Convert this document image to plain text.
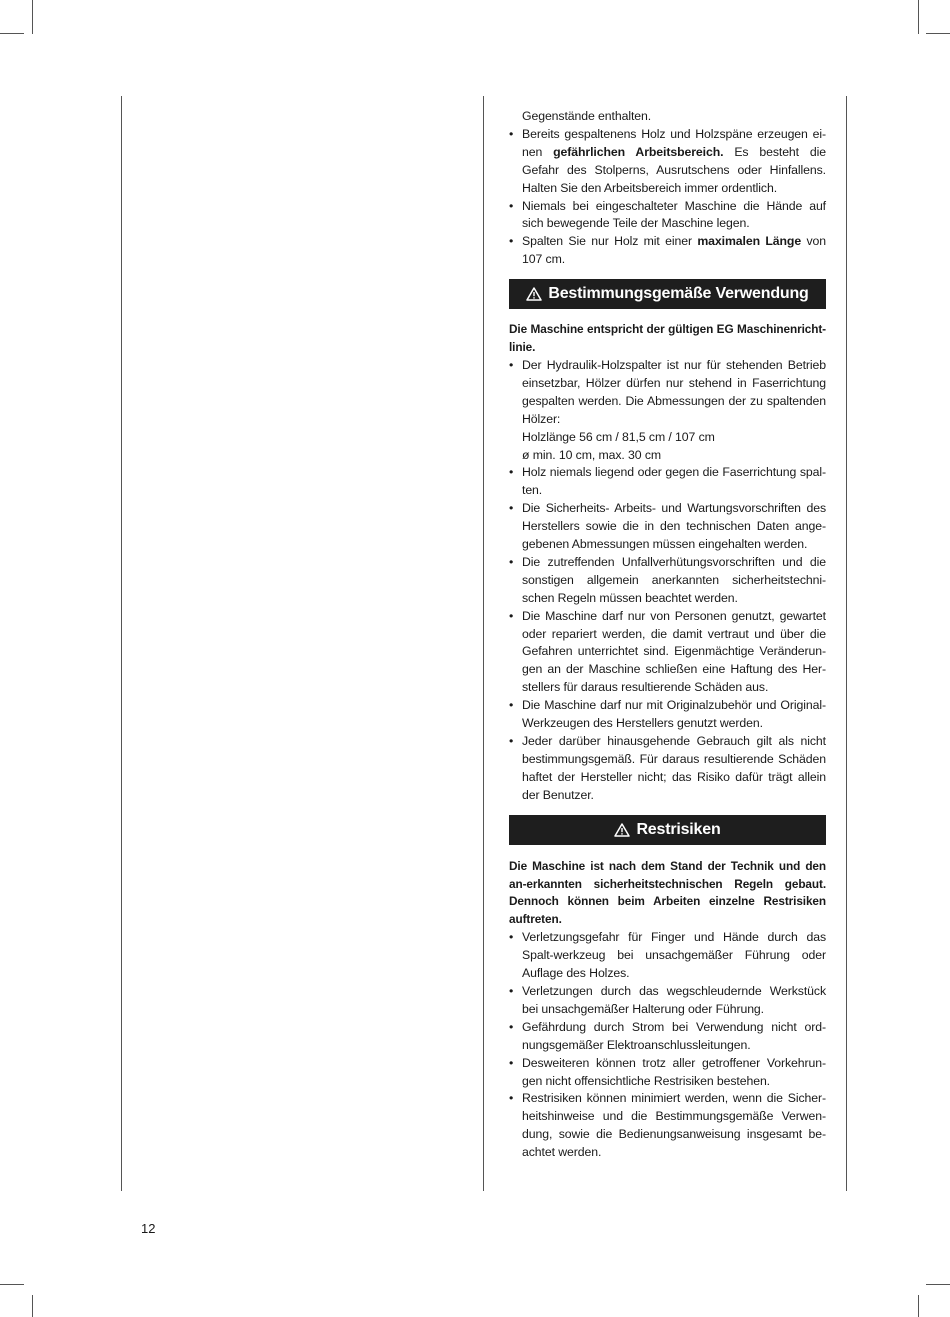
Gegenstände enthalten.

• Bereits gespaltenens Holz und Holzspäne erzeugen ei-nen gefährlichen Arbeitsbereich. Es besteht die Gefahr des Stolperns, Ausrutschens oder Hinfallens. Halten Sie den Arbeitsbereich immer ordentlich.
• Niemals bei eingeschalteter Maschine die Hände auf sich bewegende Teile der Maschine legen.
• Spalten Sie nur Holz mit einer maximalen Länge von 107 cm.
Bestimmungsgemäße Verwendung

Die Maschine entspricht der gültigen EG Maschinenricht-linie.

• Der Hydraulik-Holzspalter ist nur für stehenden Betrieb einsetzbar, Hölzer dürfen nur stehend in Faserrichtung gespalten werden. Die Abmessungen der zu spaltenden Hölzer:
Holzlänge 56 cm / 81,5 cm / 107 cm
ø min. 10 cm, max. 30 cm
• Holz niemals liegend oder gegen die Faserrichtung spal-ten.
• Die Sicherheits- Arbeits- und Wartungsvorschriften des Herstellers sowie die in den technischen Daten ange-gebenen Abmessungen müssen eingehalten werden.
• Die zutreffenden Unfallverhütungsvorschriften und die sonstigen allgemein anerkannten sicherheitstechni-schen Regeln müssen beachtet werden.
• Die Maschine darf nur von Personen genutzt, gewartet oder repariert werden, die damit vertraut und über die Gefahren unterrichtet sind. Eigenmächtige Veränderun-gen an der Maschine schließen eine Haftung des Her-stellers für daraus resultierende Schäden aus.
• Die Maschine darf nur mit Originalzubehör und Original-Werkzeugen des Herstellers genutzt werden.
• Jeder darüber hinausgehende Gebrauch gilt als nicht bestimmungsgemäß. Für daraus resultierende Schäden haftet der Hersteller nicht; das Risiko dafür trägt allein der Benutzer.
Restrisiken

Die Maschine ist nach dem Stand der Technik und den an-erkannten sicherheitstechnischen Regeln gebaut. Dennoch können beim Arbeiten einzelne Restrisiken auftreten.

• Verletzungsgefahr für Finger und Hände durch das Spalt-werkzeug bei unsachgemäßer Führung oder Auflage des Holzes.
• Verletzungen durch das wegschleudernde Werkstück bei unsachgemäßer Halterung oder Führung.
• Gefährdung durch Strom bei Verwendung nicht ord-nungsgemäßer Elektroanschlussleitungen.
• Desweiteren können trotz aller getroffener Vorkehrun-gen nicht offensichtliche Restrisiken bestehen.
• Restrisiken können minimiert werden, wenn die Sicher-heitshinweise und die Bestimmungsgemäße Verwen-dung, sowie die Bedienungsanweisung insgesamt be-achtet werden.
12
